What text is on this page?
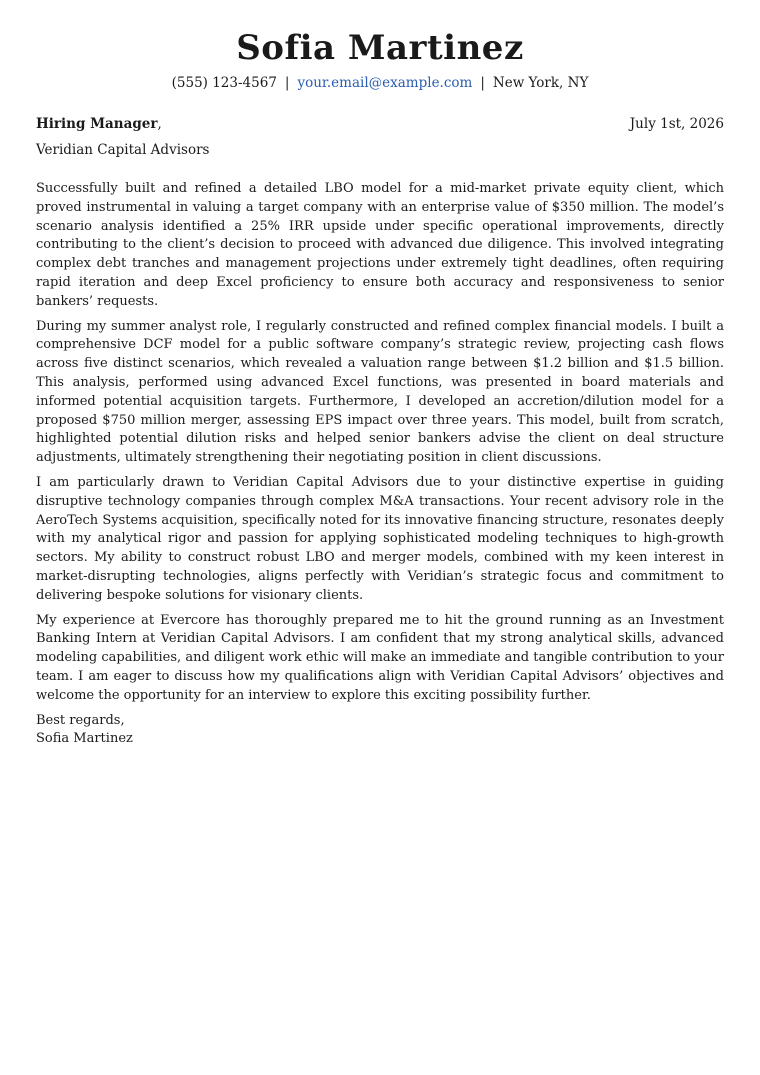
Sofia Martinez
(555) 123-4567 | your.email@example.com | New York, NY
Hiring Manager,	July 1st, 2026
Veridian Capital Advisors

Successfully built and refined a detailed LBO model for a mid-market private equity client, which proved instrumental in valuing a target company with an enterprise value of $350 million. The model’s scenario analysis identified a 25% IRR upside under specific operational improvements, directly contributing to the client’s decision to proceed with advanced due diligence. This involved integrating complex debt tranches and management projections under extremely tight deadlines, often requiring rapid iteration and deep Excel proficiency to ensure both accuracy and responsiveness to senior bankers’ requests.

During my summer analyst role, I regularly constructed and refined complex financial models. I built a comprehensive DCF model for a public software company’s strategic review, projecting cash flows across five distinct scenarios, which revealed a valuation range between $1.2 billion and $1.5 billion. This analysis, performed using advanced Excel functions, was presented in board materials and informed potential acquisition targets. Furthermore, I developed an accretion/dilution model for a proposed $750 million merger, assessing EPS impact over three years. This model, built from scratch, highlighted potential dilution risks and helped senior bankers advise the client on deal structure adjustments, ultimately strengthening their negotiating position in client discussions.

I am particularly drawn to Veridian Capital Advisors due to your distinctive expertise in guiding disruptive technology companies through complex M&A transactions. Your recent advisory role in the AeroTech Systems acquisition, specifically noted for its innovative financing structure, resonates deeply with my analytical rigor and passion for applying sophisticated modeling techniques to high-growth sectors. My ability to construct robust LBO and merger models, combined with my keen interest in market-disrupting technologies, aligns perfectly with Veridian’s strategic focus and commitment to delivering bespoke solutions for visionary clients.

My experience at Evercore has thoroughly prepared me to hit the ground running as an Investment Banking Intern at Veridian Capital Advisors. I am confident that my strong analytical skills, advanced modeling capabilities, and diligent work ethic will make an immediate and tangible contribution to your team. I am eager to discuss how my qualifications align with Veridian Capital Advisors’ objectives and welcome the opportunity for an interview to explore this exciting possibility further.

Best regards,
Sofia Martinez
